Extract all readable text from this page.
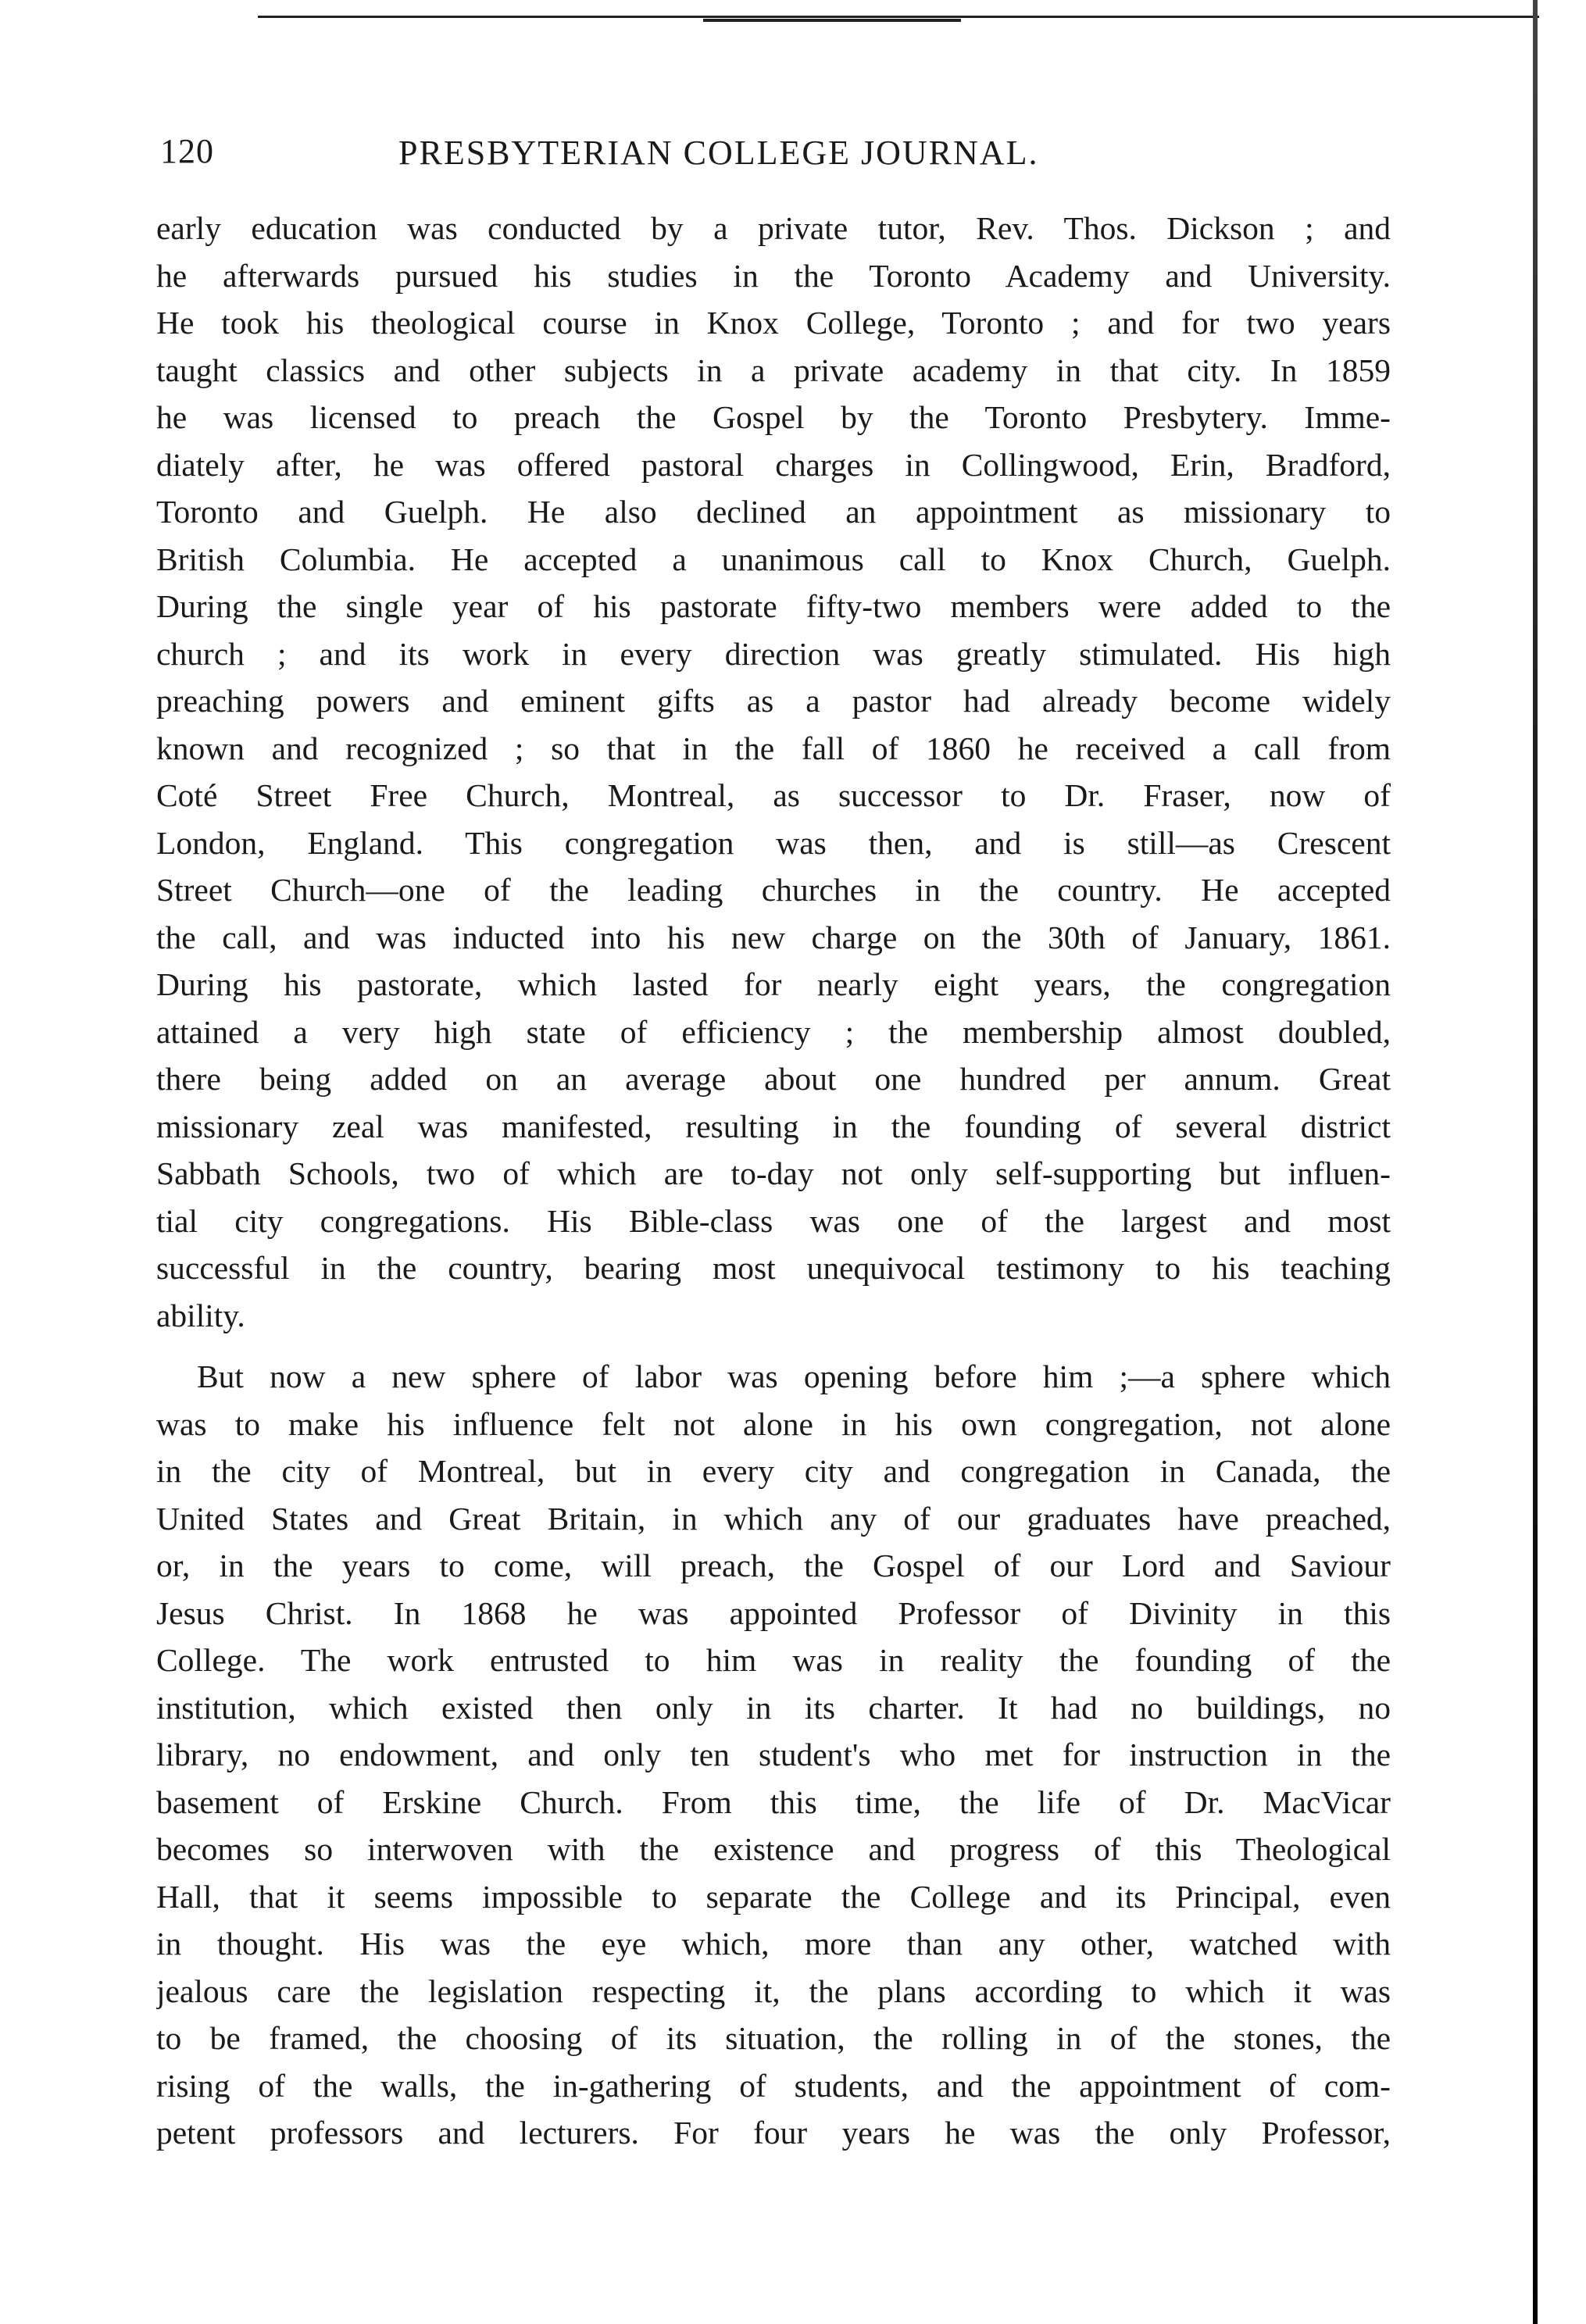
120	PRESBYTERIAN COLLEGE JOURNAL.
early education was conducted by a private tutor, Rev. Thos. Dickson ; and
he afterwards pursued his studies in the Toronto Academy and University.
He took his theological course in Knox College, Toronto ; and for two years
taught classics and other subjects in a private academy in that city. In 1859
he was licensed to preach the Gospel by the Toronto Presbytery. Imme-
diately after, he was offered pastoral charges in Collingwood, Erin, Bradford,
Toronto and Guelph. He also declined an appointment as missionary to
British Columbia. He accepted a unanimous call to Knox Church, Guelph.
During the single year of his pastorate fifty-two members were added to the
church ; and its work in every direction was greatly stimulated. His high
preaching powers and eminent gifts as a pastor had already become widely
known and recognized ; so that in the fall of 1860 he received a call from
Coté Street Free Church, Montreal, as successor to Dr. Fraser, now of
London, England. This congregation was then, and is still—as Crescent
Street Church—one of the leading churches in the country. He accepted
the call, and was inducted into his new charge on the 30th of January, 1861.
During his pastorate, which lasted for nearly eight years, the congregation
attained a very high state of efficiency ; the membership almost doubled,
there being added on an average about one hundred per annum. Great
missionary zeal was manifested, resulting in the founding of several district
Sabbath Schools, two of which are to-day not only self-supporting but influen-
tial city congregations. His Bible-class was one of the largest and most
successful in the country, bearing most unequivocal testimony to his teaching
ability.
But now a new sphere of labor was opening before him ;—a sphere which
was to make his influence felt not alone in his own congregation, not alone
in the city of Montreal, but in every city and congregation in Canada, the
United States and Great Britain, in which any of our graduates have preached,
or, in the years to come, will preach, the Gospel of our Lord and Saviour
Jesus Christ. In 1868 he was appointed Professor of Divinity in this
College. The work entrusted to him was in reality the founding of the
institution, which existed then only in its charter. It had no buildings, no
library, no endowment, and only ten student's who met for instruction in the
basement of Erskine Church. From this time, the life of Dr. MacVicar
becomes so interwoven with the existence and progress of this Theological
Hall, that it seems impossible to separate the College and its Principal, even
in thought. His was the eye which, more than any other, watched with
jealous care the legislation respecting it, the plans according to which it was
to be framed, the choosing of its situation, the rolling in of the stones, the
rising of the walls, the in-gathering of students, and the appointment of com-
petent professors and lecturers. For four years he was the only Professor,
